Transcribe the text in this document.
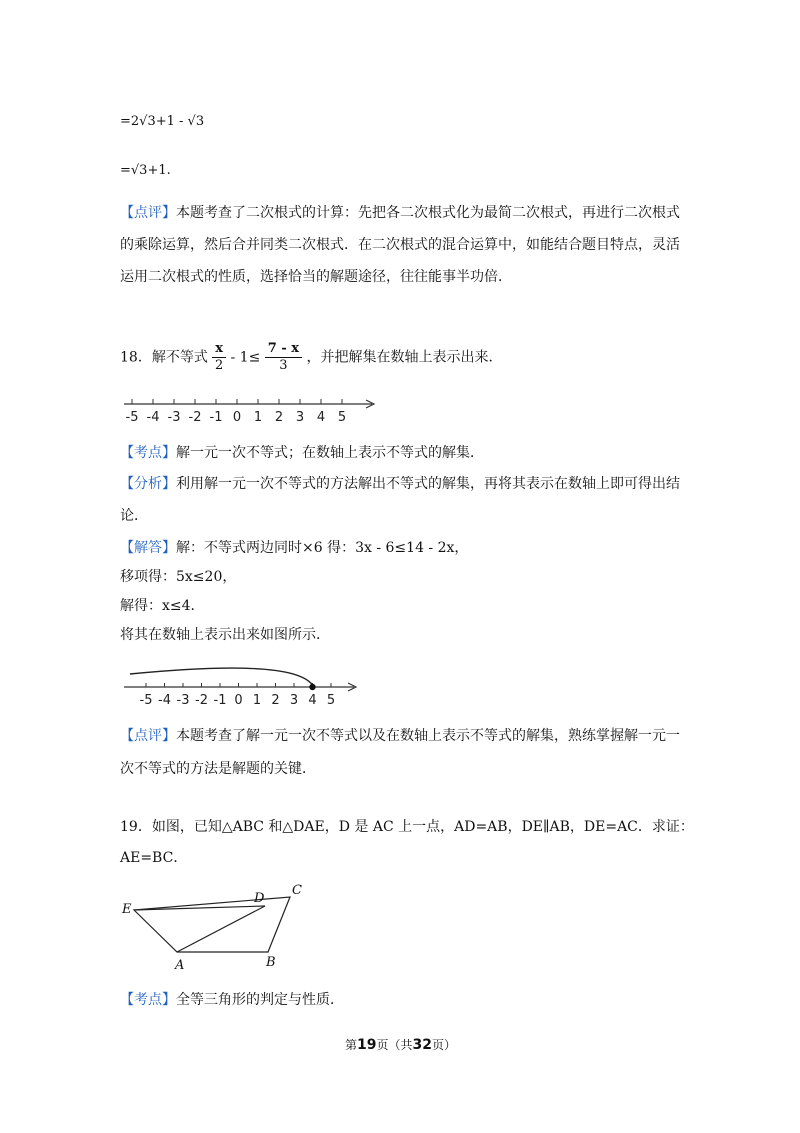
=2√3+1 - √3
=√3+1.
【点评】本题考查了二次根式的计算：先把各二次根式化为最简二次根式，再进行二次根式
的乘除运算，然后合并同类二次根式．在二次根式的混合运算中，如能结合题目特点，灵活
运用二次根式的性质，选择恰当的解题途径，往往能事半功倍．
18．解不等式 $\frac{x}{2} - 1\le \frac{7 - x}{3}$ ，并把解集在数轴上表示出来．
-5 -4 -3 -2 -1 0 1 2 3 4 5
【考点】解一元一次不等式；在数轴上表示不等式的解集．
【分析】利用解一元一次不等式的方法解出不等式的解集，再将其表示在数轴上即可得出结
论．
【解答】解：不等式两边同时×6 得：3x - 6≤14 - 2x，
移项得：5x≤20，
解得：x≤4．
将其在数轴上表示出来如图所示．
-5 -4 -3 -2 -1 0 1 2 3 4 5
【点评】本题考查了解一元一次不等式以及在数轴上表示不等式的解集，熟练掌握解一元一
次不等式的方法是解题的关键．
19．如图，已知△ABC 和△DAE，D 是 AC 上一点，AD=AB，DE∥AB，DE=AC．求证：
AE=BC．
E
D
C
A	B
【考点】全等三角形的判定与性质．
第19页（共32页）
